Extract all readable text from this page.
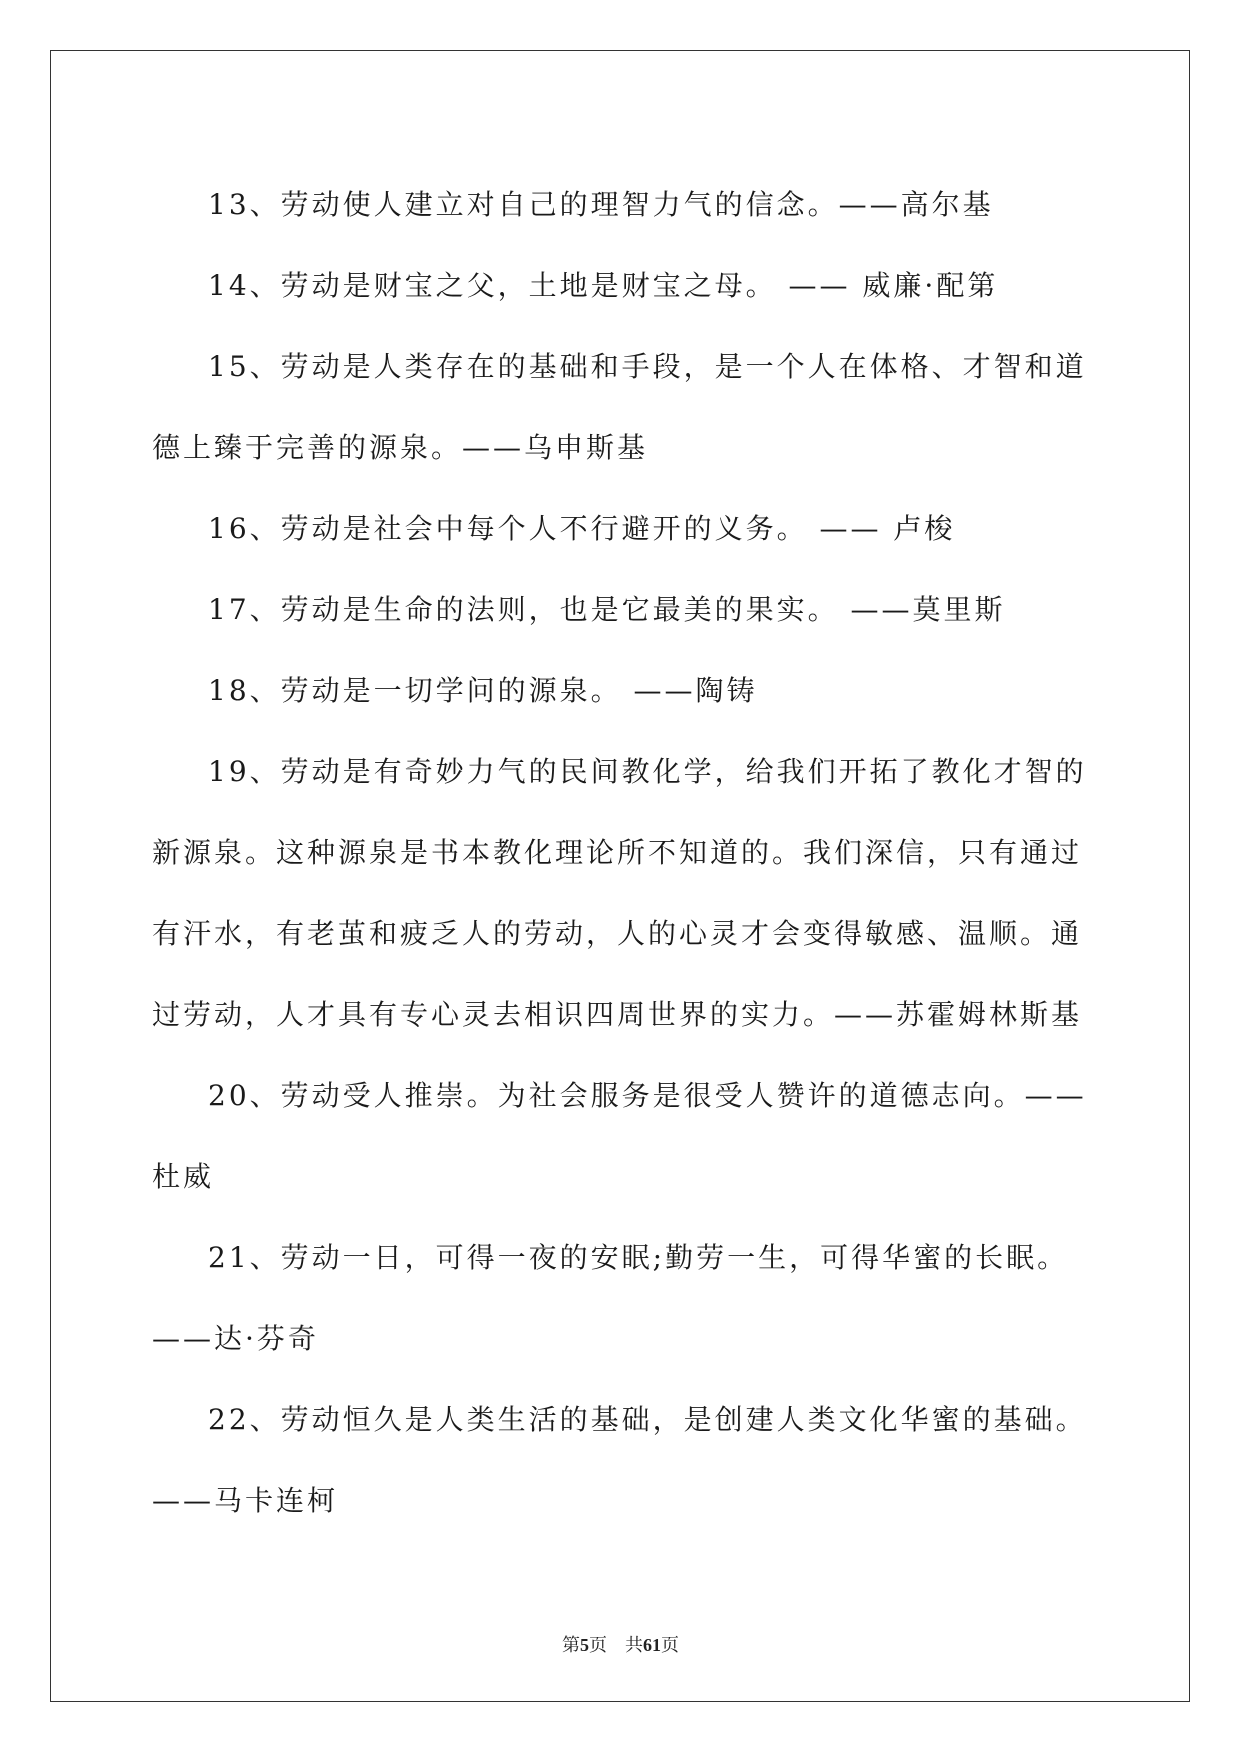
13、劳动使人建立对自己的理智力气的信念。——高尔基

14、劳动是财宝之父，土地是财宝之母。 —— 威廉·配第

15、劳动是人类存在的基础和手段，是一个人在体格、才智和道德上臻于完善的源泉。——乌申斯基

16、劳动是社会中每个人不行避开的义务。 —— 卢梭

17、劳动是生命的法则，也是它最美的果实。 ——莫里斯

18、劳动是一切学问的源泉。 ——陶铸

19、劳动是有奇妙力气的民间教化学，给我们开拓了教化才智的新源泉。这种源泉是书本教化理论所不知道的。我们深信，只有通过有汗水，有老茧和疲乏人的劳动，人的心灵才会变得敏感、温顺。通过劳动，人才具有专心灵去相识四周世界的实力。——苏霍姆林斯基

20、劳动受人推崇。为社会服务是很受人赞许的道德志向。——杜威

21、劳动一日，可得一夜的安眠;勤劳一生，可得华蜜的长眠。——达·芬奇

22、劳动恒久是人类生活的基础，是创建人类文化华蜜的基础。——马卡连柯

第5页 共61页
